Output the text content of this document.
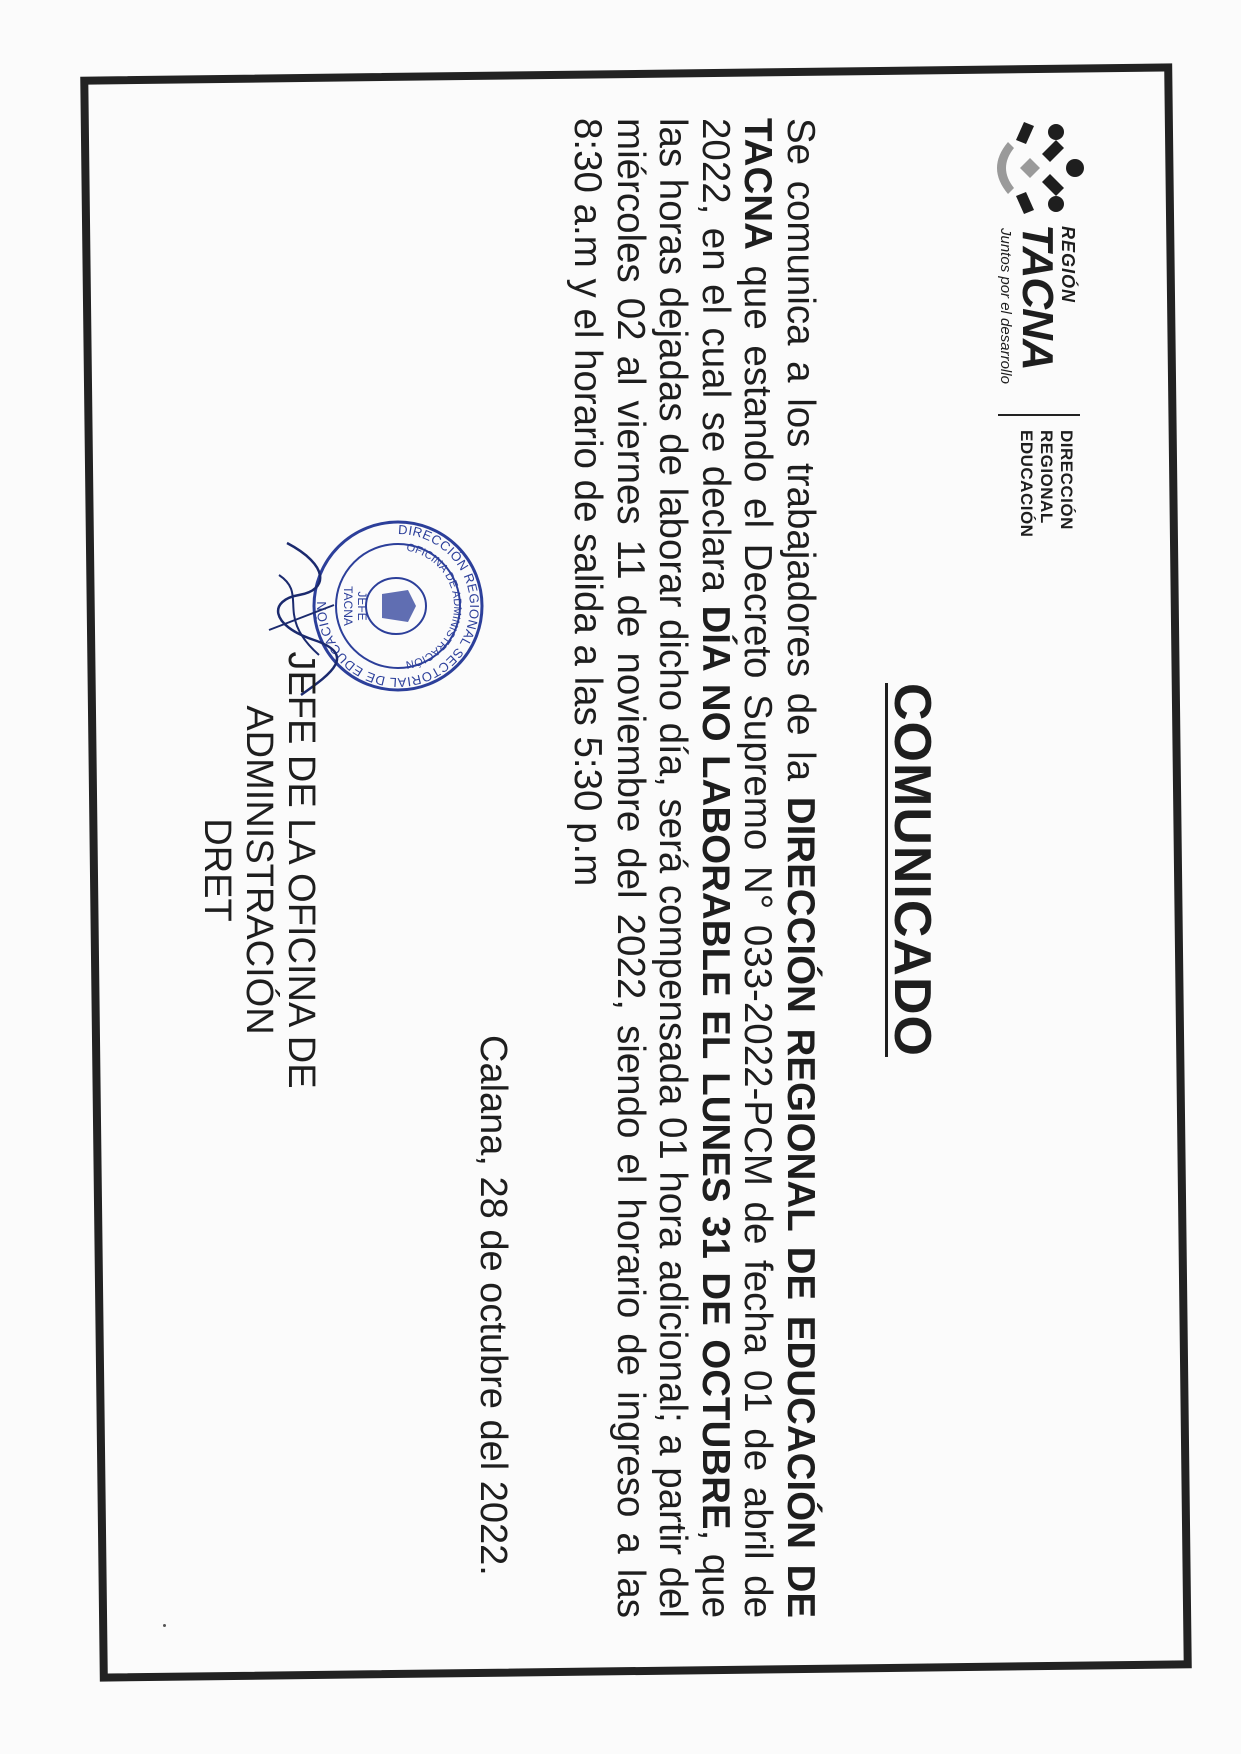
REGIÓN
TACNA
Juntos por el desarrollo
DIRECCIÓN
REGIONAL
EDUCACIÓN
COMUNICADO

Se comunica a los trabajadores de la DIRECCIÓN REGIONAL DE EDUCACIÓN DE TACNA que estando el Decreto Supremo N° 033-2022-PCM de fecha 01 de abril de 2022, en el cual se declara DÍA NO LABORABLE EL LUNES 31 DE OCTUBRE, que las horas dejadas de laborar dicho día, será compensada 01 hora adicional; a partir del miércoles 02 al viernes 11 de noviembre del 2022, siendo el horario de ingreso a las 8:30 a.m y el horario de salida a las 5:30 p.m

Calana, 28 de octubre del 2022.
DIRECCIÓN REGIONAL SECTORIAL DE EDUCACIÓN
OFICINA DE ADMINISTRACIÓN
JEFE
TACNA
JEFE DE LA OFICINA DE ADMINISTRACIÓN
DRET
